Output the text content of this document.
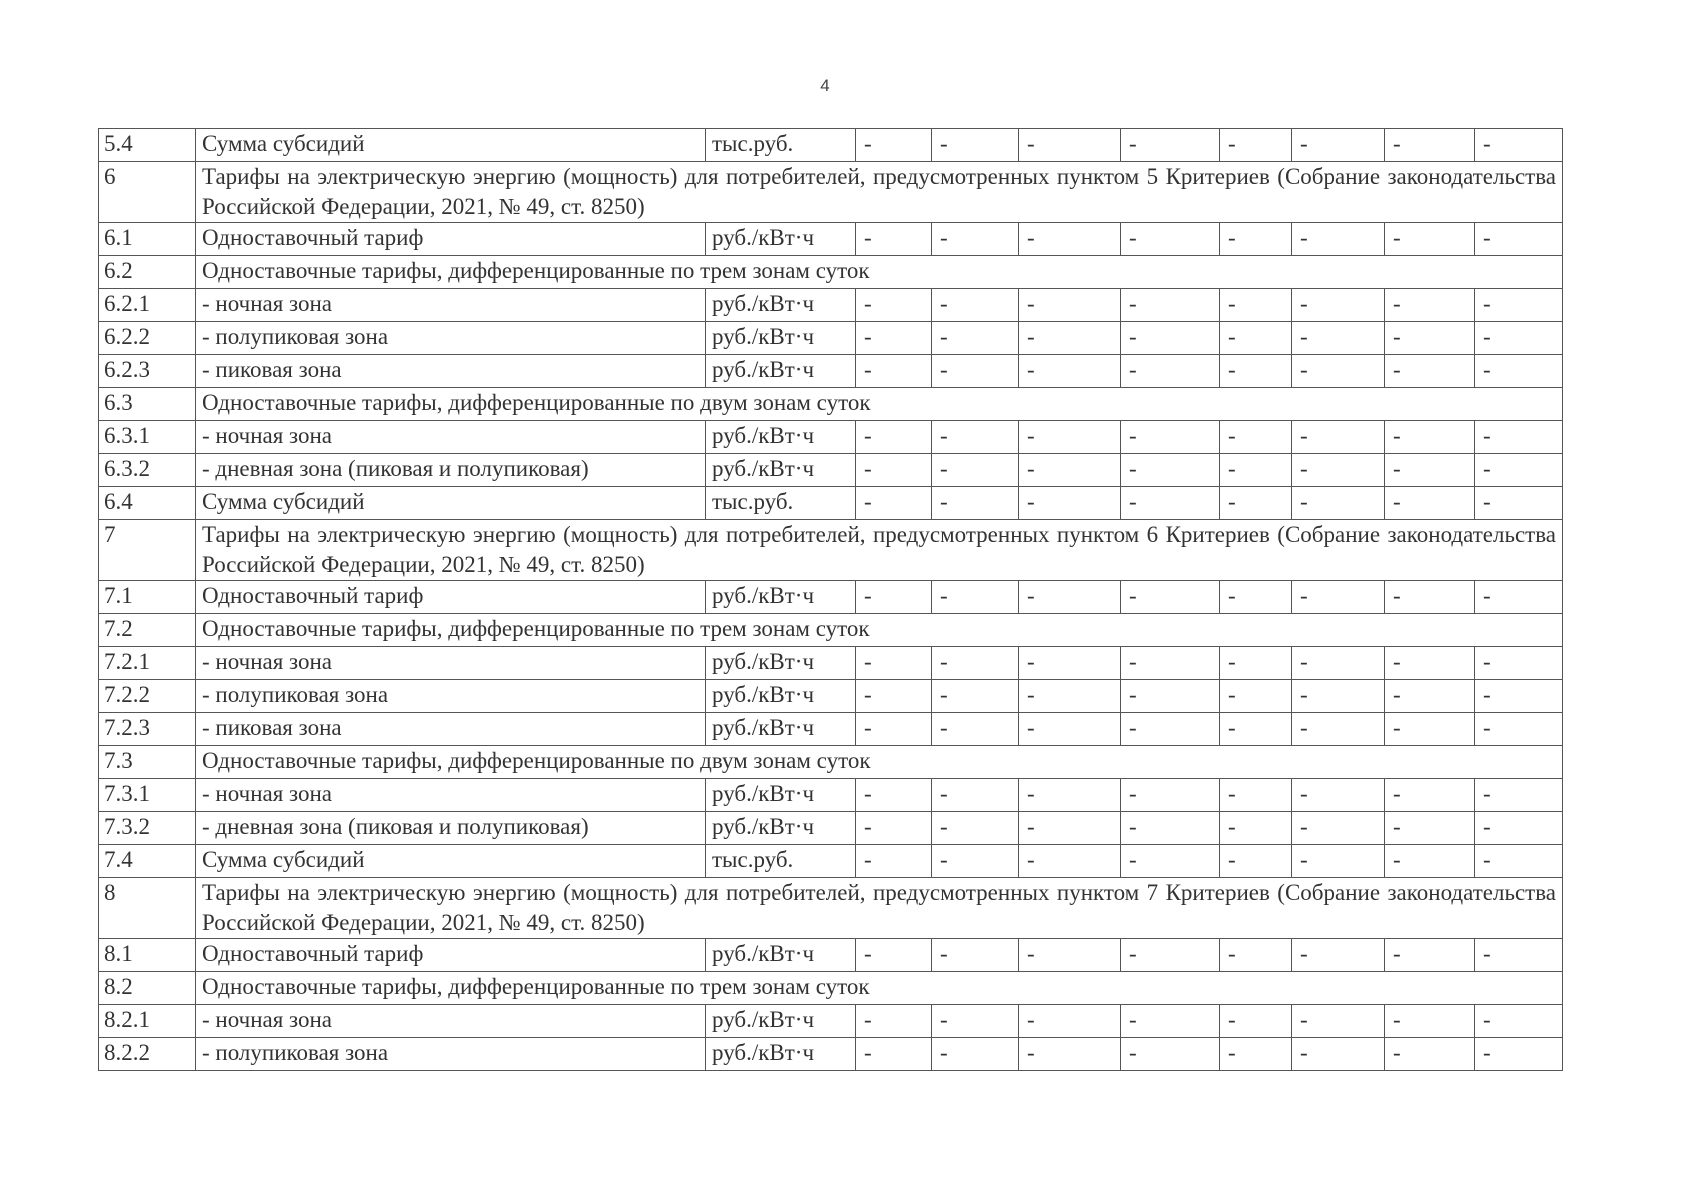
4
5.4	Сумма субсидий	тыс.руб.	-	-	-	-	-	-	-	-
6	Тарифы на электрическую энергию (мощность) для потребителей, предусмотренных пунктом 5 Критериев (Собрание законодательства Российской Федерации, 2021, № 49, ст. 8250)									
6.1	Одноставочный тариф	руб./кВт·ч	-	-	-	-	-	-	-	-
6.2	Одноставочные тарифы, дифференцированные по трем зонам суток									
6.2.1	- ночная зона	руб./кВт·ч	-	-	-	-	-	-	-	-
6.2.2	- полупиковая зона	руб./кВт·ч	-	-	-	-	-	-	-	-
6.2.3	- пиковая зона	руб./кВт·ч	-	-	-	-	-	-	-	-
6.3	Одноставочные тарифы, дифференцированные по двум зонам суток									
6.3.1	- ночная зона	руб./кВт·ч	-	-	-	-	-	-	-	-
6.3.2	- дневная зона (пиковая и полупиковая)	руб./кВт·ч	-	-	-	-	-	-	-	-
6.4	Сумма субсидий	тыс.руб.	-	-	-	-	-	-	-	-
7	Тарифы на электрическую энергию (мощность) для потребителей, предусмотренных пунктом 6 Критериев (Собрание законодательства Российской Федерации, 2021, № 49, ст. 8250)									
7.1	Одноставочный тариф	руб./кВт·ч	-	-	-	-	-	-	-	-
7.2	Одноставочные тарифы, дифференцированные по трем зонам суток									
7.2.1	- ночная зона	руб./кВт·ч	-	-	-	-	-	-	-	-
7.2.2	- полупиковая зона	руб./кВт·ч	-	-	-	-	-	-	-	-
7.2.3	- пиковая зона	руб./кВт·ч	-	-	-	-	-	-	-	-
7.3	Одноставочные тарифы, дифференцированные по двум зонам суток									
7.3.1	- ночная зона	руб./кВт·ч	-	-	-	-	-	-	-	-
7.3.2	- дневная зона (пиковая и полупиковая)	руб./кВт·ч	-	-	-	-	-	-	-	-
7.4	Сумма субсидий	тыс.руб.	-	-	-	-	-	-	-	-
8	Тарифы на электрическую энергию (мощность) для потребителей, предусмотренных пунктом 7 Критериев (Собрание законодательства Российской Федерации, 2021, № 49, ст. 8250)									
8.1	Одноставочный тариф	руб./кВт·ч	-	-	-	-	-	-	-	-
8.2	Одноставочные тарифы, дифференцированные по трем зонам суток									
8.2.1	- ночная зона	руб./кВт·ч	-	-	-	-	-	-	-	-
8.2.2	- полупиковая зона	руб./кВт·ч	-	-	-	-	-	-	-	-
